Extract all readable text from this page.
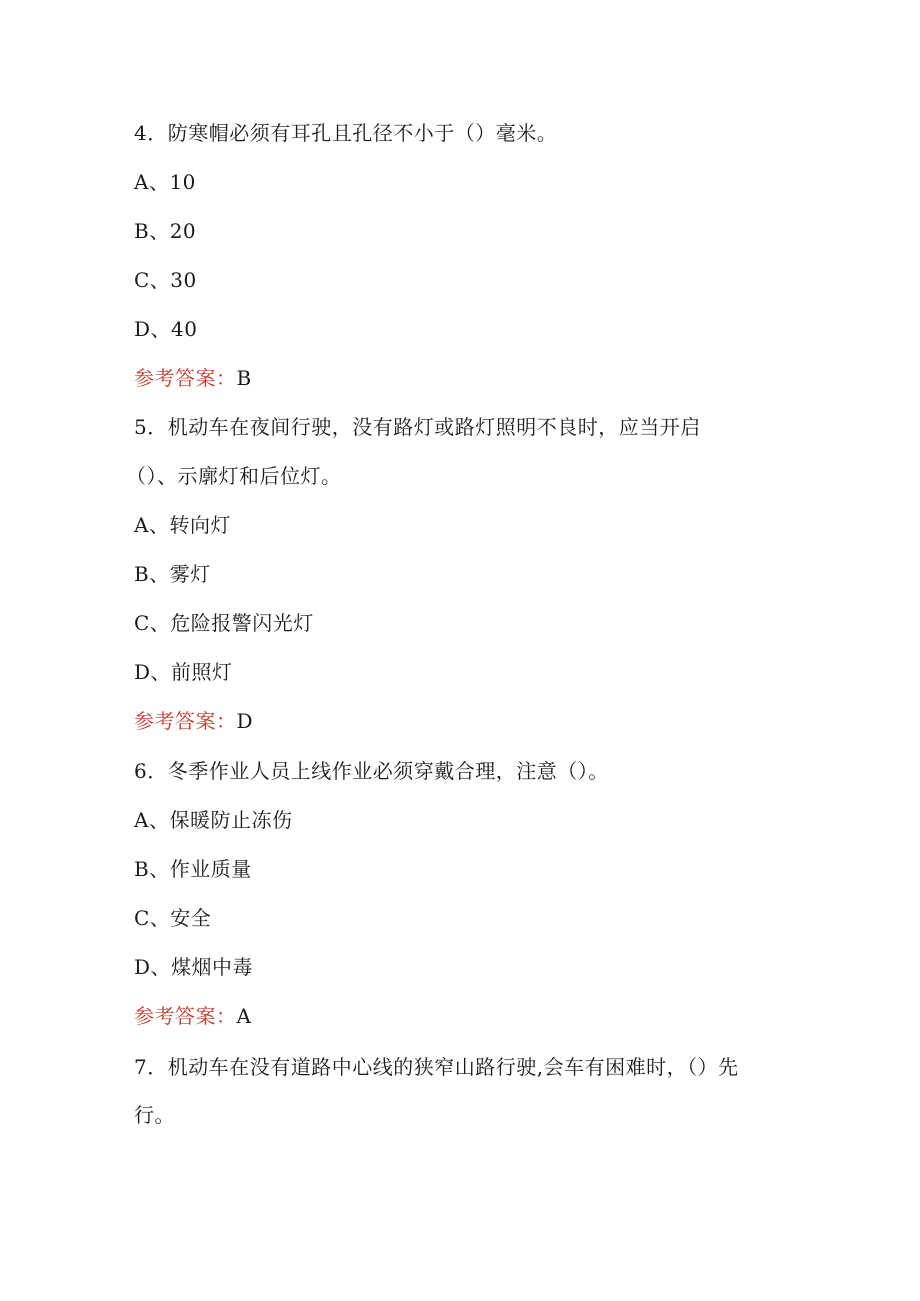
4．防寒帽必须有耳孔且孔径不小于（）毫米。

A、10

B、20

C、30

D、40

参考答案：B

5．机动车在夜间行驶，没有路灯或路灯照明不良时，应当开启

（）、示廓灯和后位灯。

A、转向灯

B、雾灯

C、危险报警闪光灯

D、前照灯

参考答案：D

6．冬季作业人员上线作业必须穿戴合理，注意（）。

A、保暖防止冻伤

B、作业质量

C、安全

D、煤烟中毒

参考答案：A

7．机动车在没有道路中心线的狭窄山路行驶,会车有困难时，（）先

行。
